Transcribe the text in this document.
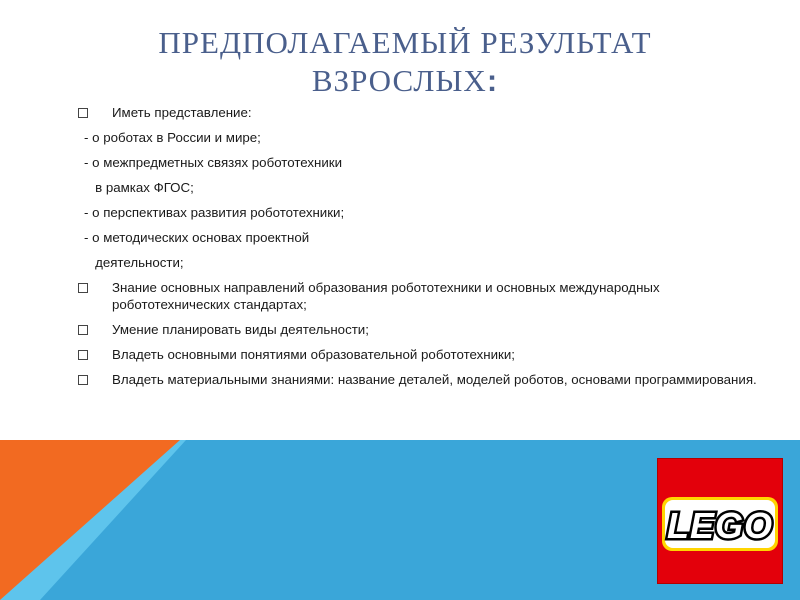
ПРЕДПОЛАГАЕМЫЙ РЕЗУЛЬТАТ
ВЗРОСЛЫХ:
Иметь представление:
- о роботах в России и мире;
- о межпредметных связях робототехники
в рамках ФГОС;
- о перспективах развития робототехники;
- о методических основах проектной
деятельности;
Знание основных направлений образования робототехники и основных международных робототехнических стандартах;
Умение планировать виды деятельности;
Владеть основными понятиями образовательной робототехники;
Владеть материальными знаниями: название деталей, моделей роботов, основами программирования.
LEGO
